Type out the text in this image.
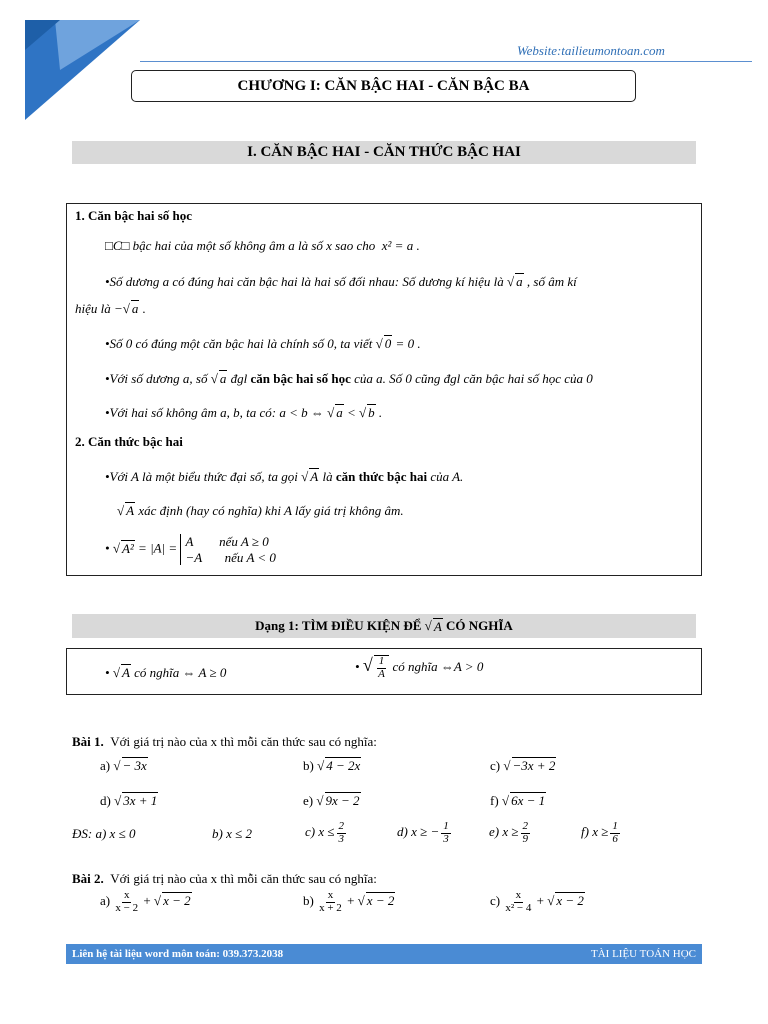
Website:tailieumontoan.com
CHƯƠNG I: CĂN BẬC HAI - CĂN BẬC BA
I. CĂN BẬC HAI - CĂN THỨC BẬC HAI
1. Căn bậc hai số học
□C□ bậc hai của một số không âm a là số x sao cho x² = a .
•Số dương a có đúng hai căn bậc hai là hai số đối nhau: Số dương kí hiệu là √ a , số âm kí
hiệu là −√ a .
•Số 0 có đúng một căn bậc hai là chính số 0, ta viết √ 0 = 0 .
•Với số dương a, số √ a đgl căn bậc hai số học của a. Số 0 cũng đgl căn bậc hai số học của 0
•Với hai số không âm a, b, ta có: a < b ⇔ √ a < √ b .
2. Căn thức bậc hai
•Với A là một biểu thức đại số, ta gọi √ A là căn thức bậc hai của A.
√ A xác định (hay có nghĩa) khi A lấy giá trị không âm.
• √ A² = |A| = A        nếu A ≥ 0
−A       nếu A < 0
Dạng 1: TÌM ĐIỀU KIỆN ĐỂ
√ A
CÓ NGHĨA
• √ A có nghĩa ⇔ A ≥ 0	• √ $\frac{1}{A}$ có nghĩa ⇔A > 0
Bài 1. Với giá trị nào của x thì mỗi căn thức sau có nghĩa:
a) √ − 3x	b) √ 4 − 2x	c) √ −3x + 2
d) √ 3x + 1	e) √ 9x − 2	f) √ 6x − 1
ĐS: a) x ≤ 0	b) x ≤ 2	c) $x \le \frac{2}{3}$	d) x ≥ − $\frac{1}{3}$	e) $x \ge \frac{2}{9}$	f) $x \ge \frac{1}{6}$
Bài 2. Với giá trị nào của x thì mỗi căn thức sau có nghĩa:
$a) \frac{x}{x - 2}$ + √ x − 2	$b) \frac{x}{x + 2}$ + √ x − 2	$c) \frac{x}{\text{x² − 4}}$ + √ x − 2
Liên hệ tài liệu word môn toán: 039.373.2038	TÀI LIỆU TOÁN HỌC
